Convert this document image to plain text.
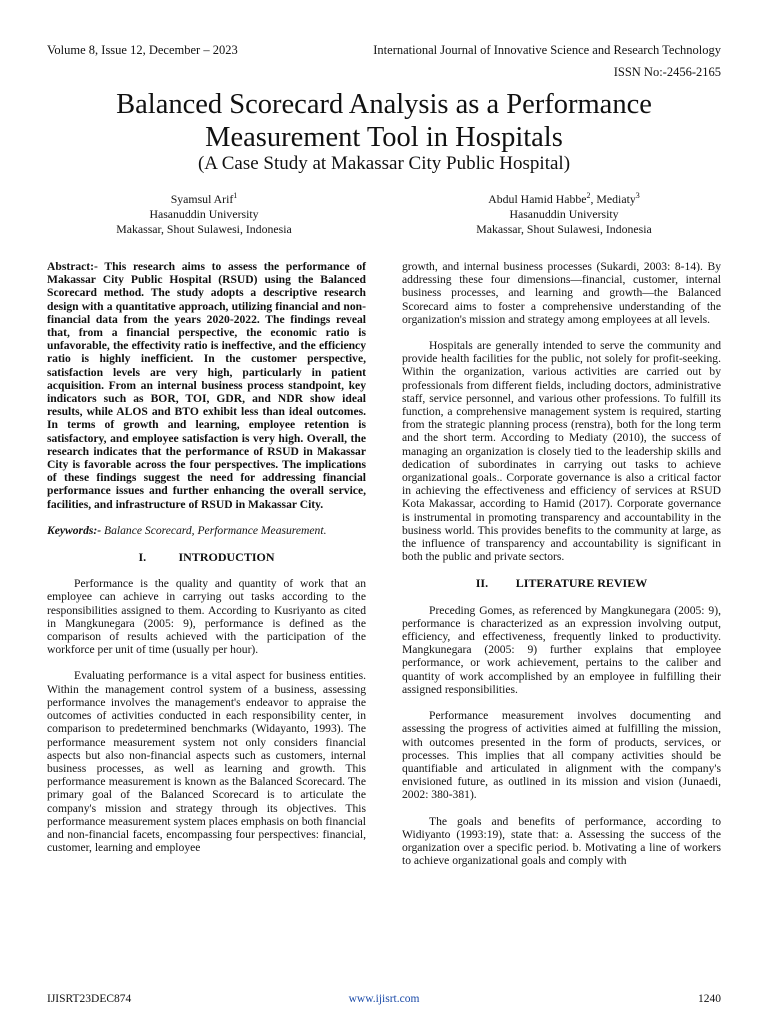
Volume 8, Issue 12, December – 2023	International Journal of Innovative Science and Research Technology
ISSN No:-2456-2165
Balanced Scorecard Analysis as a Performance
Measurement Tool in Hospitals
(A Case Study at Makassar City Public Hospital)
Syamsul Arif$^1$
Hasanuddin University
Makassar, Shout Sulawesi, Indonesia
Abdul Hamid Habbe$^2$, Mediaty$^3$
Hasanuddin University
Makassar, Shout Sulawesi, Indonesia

Abstract:- This research aims to assess the performance of Makassar City Public Hospital (RSUD) using the Balanced Scorecard method. The study adopts a descriptive research design with a quantitative approach, utilizing financial and non-financial data from the years 2020-2022. The findings reveal that, from a financial perspective, the economic ratio is unfavorable, the effectivity ratio is ineffective, and the efficiency ratio is highly inefficient. In the customer perspective, satisfaction levels are very high, particularly in patient acquisition. From an internal business process standpoint, key indicators such as BOR, TOI, GDR, and NDR show ideal results, while ALOS and BTO exhibit less than ideal outcomes. In terms of growth and learning, employee retention is satisfactory, and employee satisfaction is very high. Overall, the research indicates that the performance of RSUD in Makassar City is favorable across the four perspectives. The implications of these findings suggest the need for addressing financial performance issues and further enhancing the overall service, facilities, and infrastructure of RSUD in Makassar City.

Keywords:- Balance Scorecard, Performance Measurement.

I.	INTRODUCTION

Performance is the quality and quantity of work that an employee can achieve in carrying out tasks according to the responsibilities assigned to them. According to Kusriyanto as cited in Mangkunegara (2005: 9), performance is defined as the comparison of results achieved with the participation of the workforce per unit of time (usually per hour).

Evaluating performance is a vital aspect for business entities. Within the management control system of a business, assessing performance involves the management's endeavor to appraise the outcomes of activities conducted in each responsibility center, in comparison to predetermined benchmarks (Widayanto, 1993). The performance measurement system not only considers financial aspects but also non-financial aspects such as customers, internal business processes, as well as learning and growth. This performance measurement is known as the Balanced Scorecard. The primary goal of the Balanced Scorecard is to articulate the company's mission and strategy through its objectives. This performance measurement system places emphasis on both financial and non-financial facets, encompassing four perspectives: financial, customer, learning and employee

growth, and internal business processes (Sukardi, 2003: 8-14). By addressing these four dimensions—financial, customer, internal business processes, and learning and growth—the Balanced Scorecard aims to foster a comprehensive understanding of the organization's mission and strategy among employees at all levels.

Hospitals are generally intended to serve the community and provide health facilities for the public, not solely for profit-seeking. Within the organization, various activities are carried out by professionals from different fields, including doctors, administrative staff, service personnel, and various other professions. To fulfill its function, a comprehensive management system is required, starting from the strategic planning process (renstra), both for the long term and the short term. According to Mediaty (2010), the success of managing an organization is closely tied to the leadership skills and dedication of subordinates in carrying out tasks to achieve organizational goals.. Corporate governance is also a critical factor in achieving the effectiveness and efficiency of services at RSUD Kota Makassar, according to Hamid (2017). Corporate governance is instrumental in promoting transparency and accountability in the business world. This provides benefits to the community at large, as the influence of transparency and accountability is significant in both the public and private sectors.

II. LITERATURE REVIEW

Preceding Gomes, as referenced by Mangkunegara (2005: 9), performance is characterized as an expression involving output, efficiency, and effectiveness, frequently linked to productivity. Mangkunegara (2005: 9) further explains that employee performance, or work achievement, pertains to the caliber and quantity of work accomplished by an employee in fulfilling their assigned responsibilities.

Performance measurement involves documenting and assessing the progress of activities aimed at fulfilling the mission, with outcomes presented in the form of products, services, or processes. This implies that all company activities should be quantifiable and articulated in alignment with the company's envisioned future, as outlined in its mission and vision (Junaedi, 2002: 380-381).

The goals and benefits of performance, according to Widiyanto (1993:19), state that: a. Assessing the success of the organization over a specific period. b. Motivating a line of workers to achieve organizational goals and comply with

IJISRT23DEC874	www.ijisrt.com	1240
